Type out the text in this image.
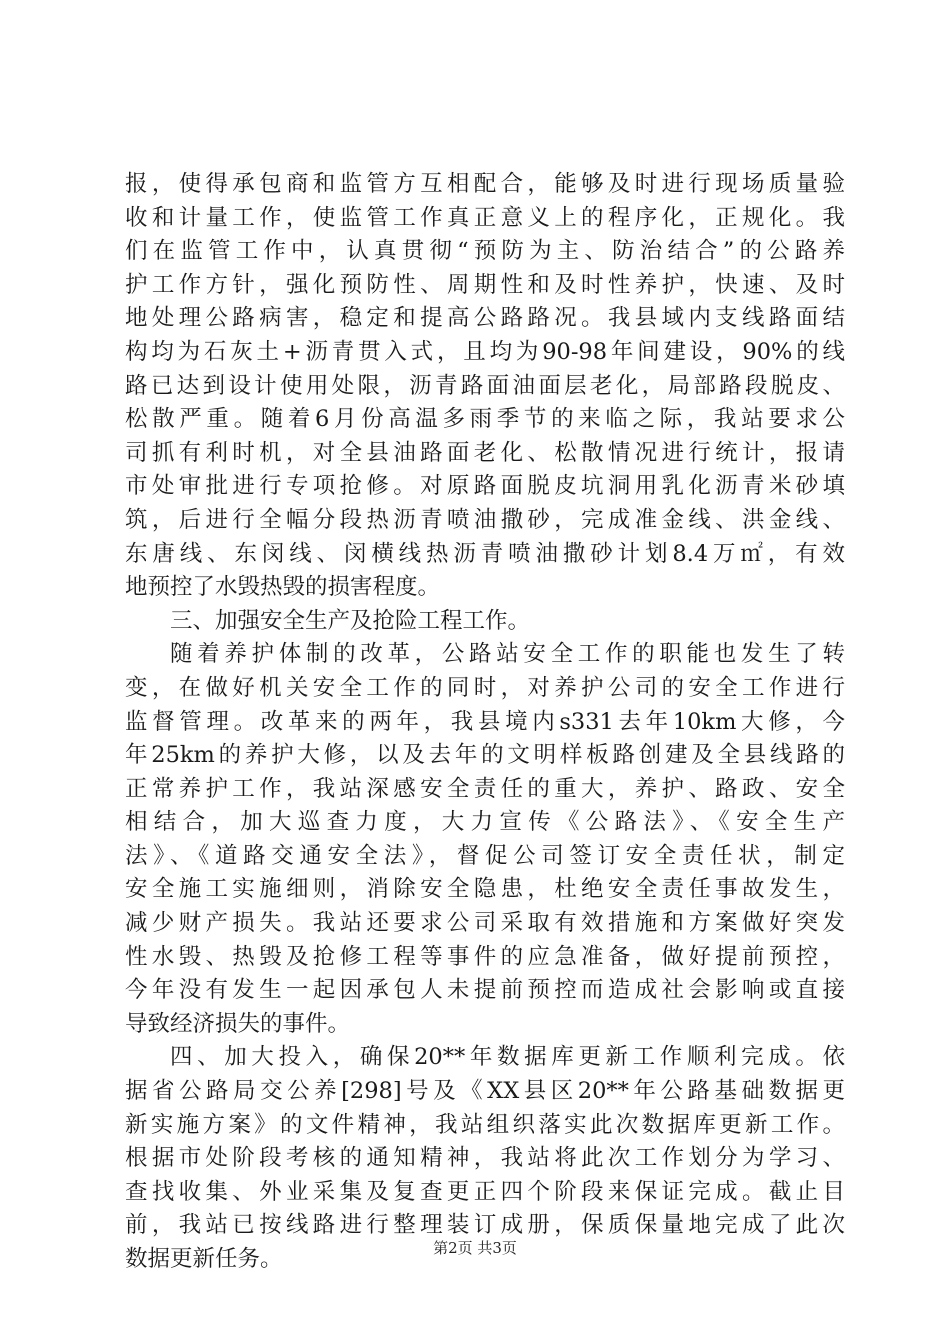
报，使得承包商和监管方互相配合，能够及时进行现场质量验
收和计量工作，使监管工作真正意义上的程序化，正规化。我
们在监管工作中，认真贯彻“预防为主、防治结合”的公路养
护工作方针，强化预防性、周期性和及时性养护，快速、及时
地处理公路病害，稳定和提高公路路况。我县域内支线路面结
构均为石灰土+沥青贯入式，且均为90-98年间建设，90%的线
路已达到设计使用处限，沥青路面油面层老化，局部路段脱皮、
松散严重。随着6月份高温多雨季节的来临之际，我站要求公
司抓有利时机，对全县油路面老化、松散情况进行统计，报请
市处审批进行专项抢修。对原路面脱皮坑洞用乳化沥青米砂填
筑，后进行全幅分段热沥青喷油撒砂，完成准金线、洪金线、
东唐线、东闵线、闵横线热沥青喷油撒砂计划8.4万㎡，有效
地预控了水毁热毁的损害程度。
三、加强安全生产及抢险工程工作。
随着养护体制的改革，公路站安全工作的职能也发生了转
变，在做好机关安全工作的同时，对养护公司的安全工作进行
监督管理。改革来的两年，我县境内s331去年10km大修，今
年25km的养护大修，以及去年的文明样板路创建及全县线路的
正常养护工作，我站深感安全责任的重大，养护、路政、安全
相结合，加大巡查力度，大力宣传《公路法》、《安全生产
法》、《道路交通安全法》，督促公司签订安全责任状，制定
安全施工实施细则，消除安全隐患，杜绝安全责任事故发生，
减少财产损失。我站还要求公司采取有效措施和方案做好突发
性水毁、热毁及抢修工程等事件的应急准备，做好提前预控，
今年没有发生一起因承包人未提前预控而造成社会影响或直接
导致经济损失的事件。
四、加大投入，确保20**年数据库更新工作顺利完成。依
据省公路局交公养[298]号及《XX县区20**年公路基础数据更
新实施方案》的文件精神，我站组织落实此次数据库更新工作。
根据市处阶段考核的通知精神，我站将此次工作划分为学习、
查找收集、外业采集及复查更正四个阶段来保证完成。截止目
前，我站已按线路进行整理装订成册，保质保量地完成了此次
数据更新任务。	第2页 共3页
